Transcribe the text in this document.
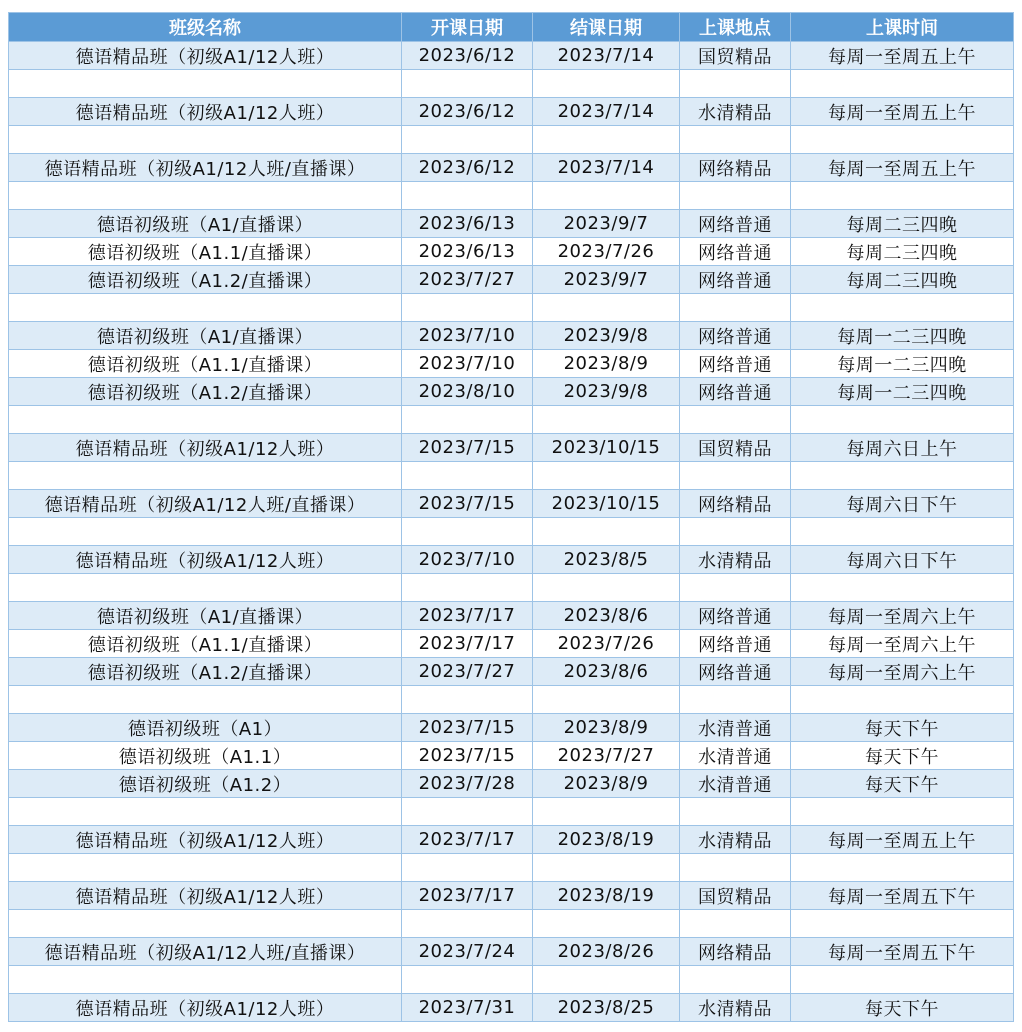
班级名称	开课日期	结课日期	上课地点	上课时间
德语精品班（初级A1/12人班）	2023/6/12	2023/7/14	国贸精品	每周一至周五上午

德语精品班（初级A1/12人班）	2023/6/12	2023/7/14	水清精品	每周一至周五上午

德语精品班（初级A1/12人班/直播课）	2023/6/12	2023/7/14	网络精品	每周一至周五上午

德语初级班（A1/直播课）	2023/6/13	2023/9/7	网络普通	每周二三四晚
德语初级班（A1.1/直播课）	2023/6/13	2023/7/26	网络普通	每周二三四晚
德语初级班（A1.2/直播课）	2023/7/27	2023/9/7	网络普通	每周二三四晚

德语初级班（A1/直播课）	2023/7/10	2023/9/8	网络普通	每周一二三四晚
德语初级班（A1.1/直播课）	2023/7/10	2023/8/9	网络普通	每周一二三四晚
德语初级班（A1.2/直播课）	2023/8/10	2023/9/8	网络普通	每周一二三四晚

德语精品班（初级A1/12人班）	2023/7/15	2023/10/15	国贸精品	每周六日上午

德语精品班（初级A1/12人班/直播课）	2023/7/15	2023/10/15	网络精品	每周六日下午

德语精品班（初级A1/12人班）	2023/7/10	2023/8/5	水清精品	每周六日下午

德语初级班（A1/直播课）	2023/7/17	2023/8/6	网络普通	每周一至周六上午
德语初级班（A1.1/直播课）	2023/7/17	2023/7/26	网络普通	每周一至周六上午
德语初级班（A1.2/直播课）	2023/7/27	2023/8/6	网络普通	每周一至周六上午

德语初级班（A1）	2023/7/15	2023/8/9	水清普通	每天下午
德语初级班（A1.1）	2023/7/15	2023/7/27	水清普通	每天下午
德语初级班（A1.2）	2023/7/28	2023/8/9	水清普通	每天下午

德语精品班（初级A1/12人班）	2023/7/17	2023/8/19	水清精品	每周一至周五上午

德语精品班（初级A1/12人班）	2023/7/17	2023/8/19	国贸精品	每周一至周五下午

德语精品班（初级A1/12人班/直播课）	2023/7/24	2023/8/26	网络精品	每周一至周五下午

德语精品班（初级A1/12人班）	2023/7/31	2023/8/25	水清精品	每天下午
